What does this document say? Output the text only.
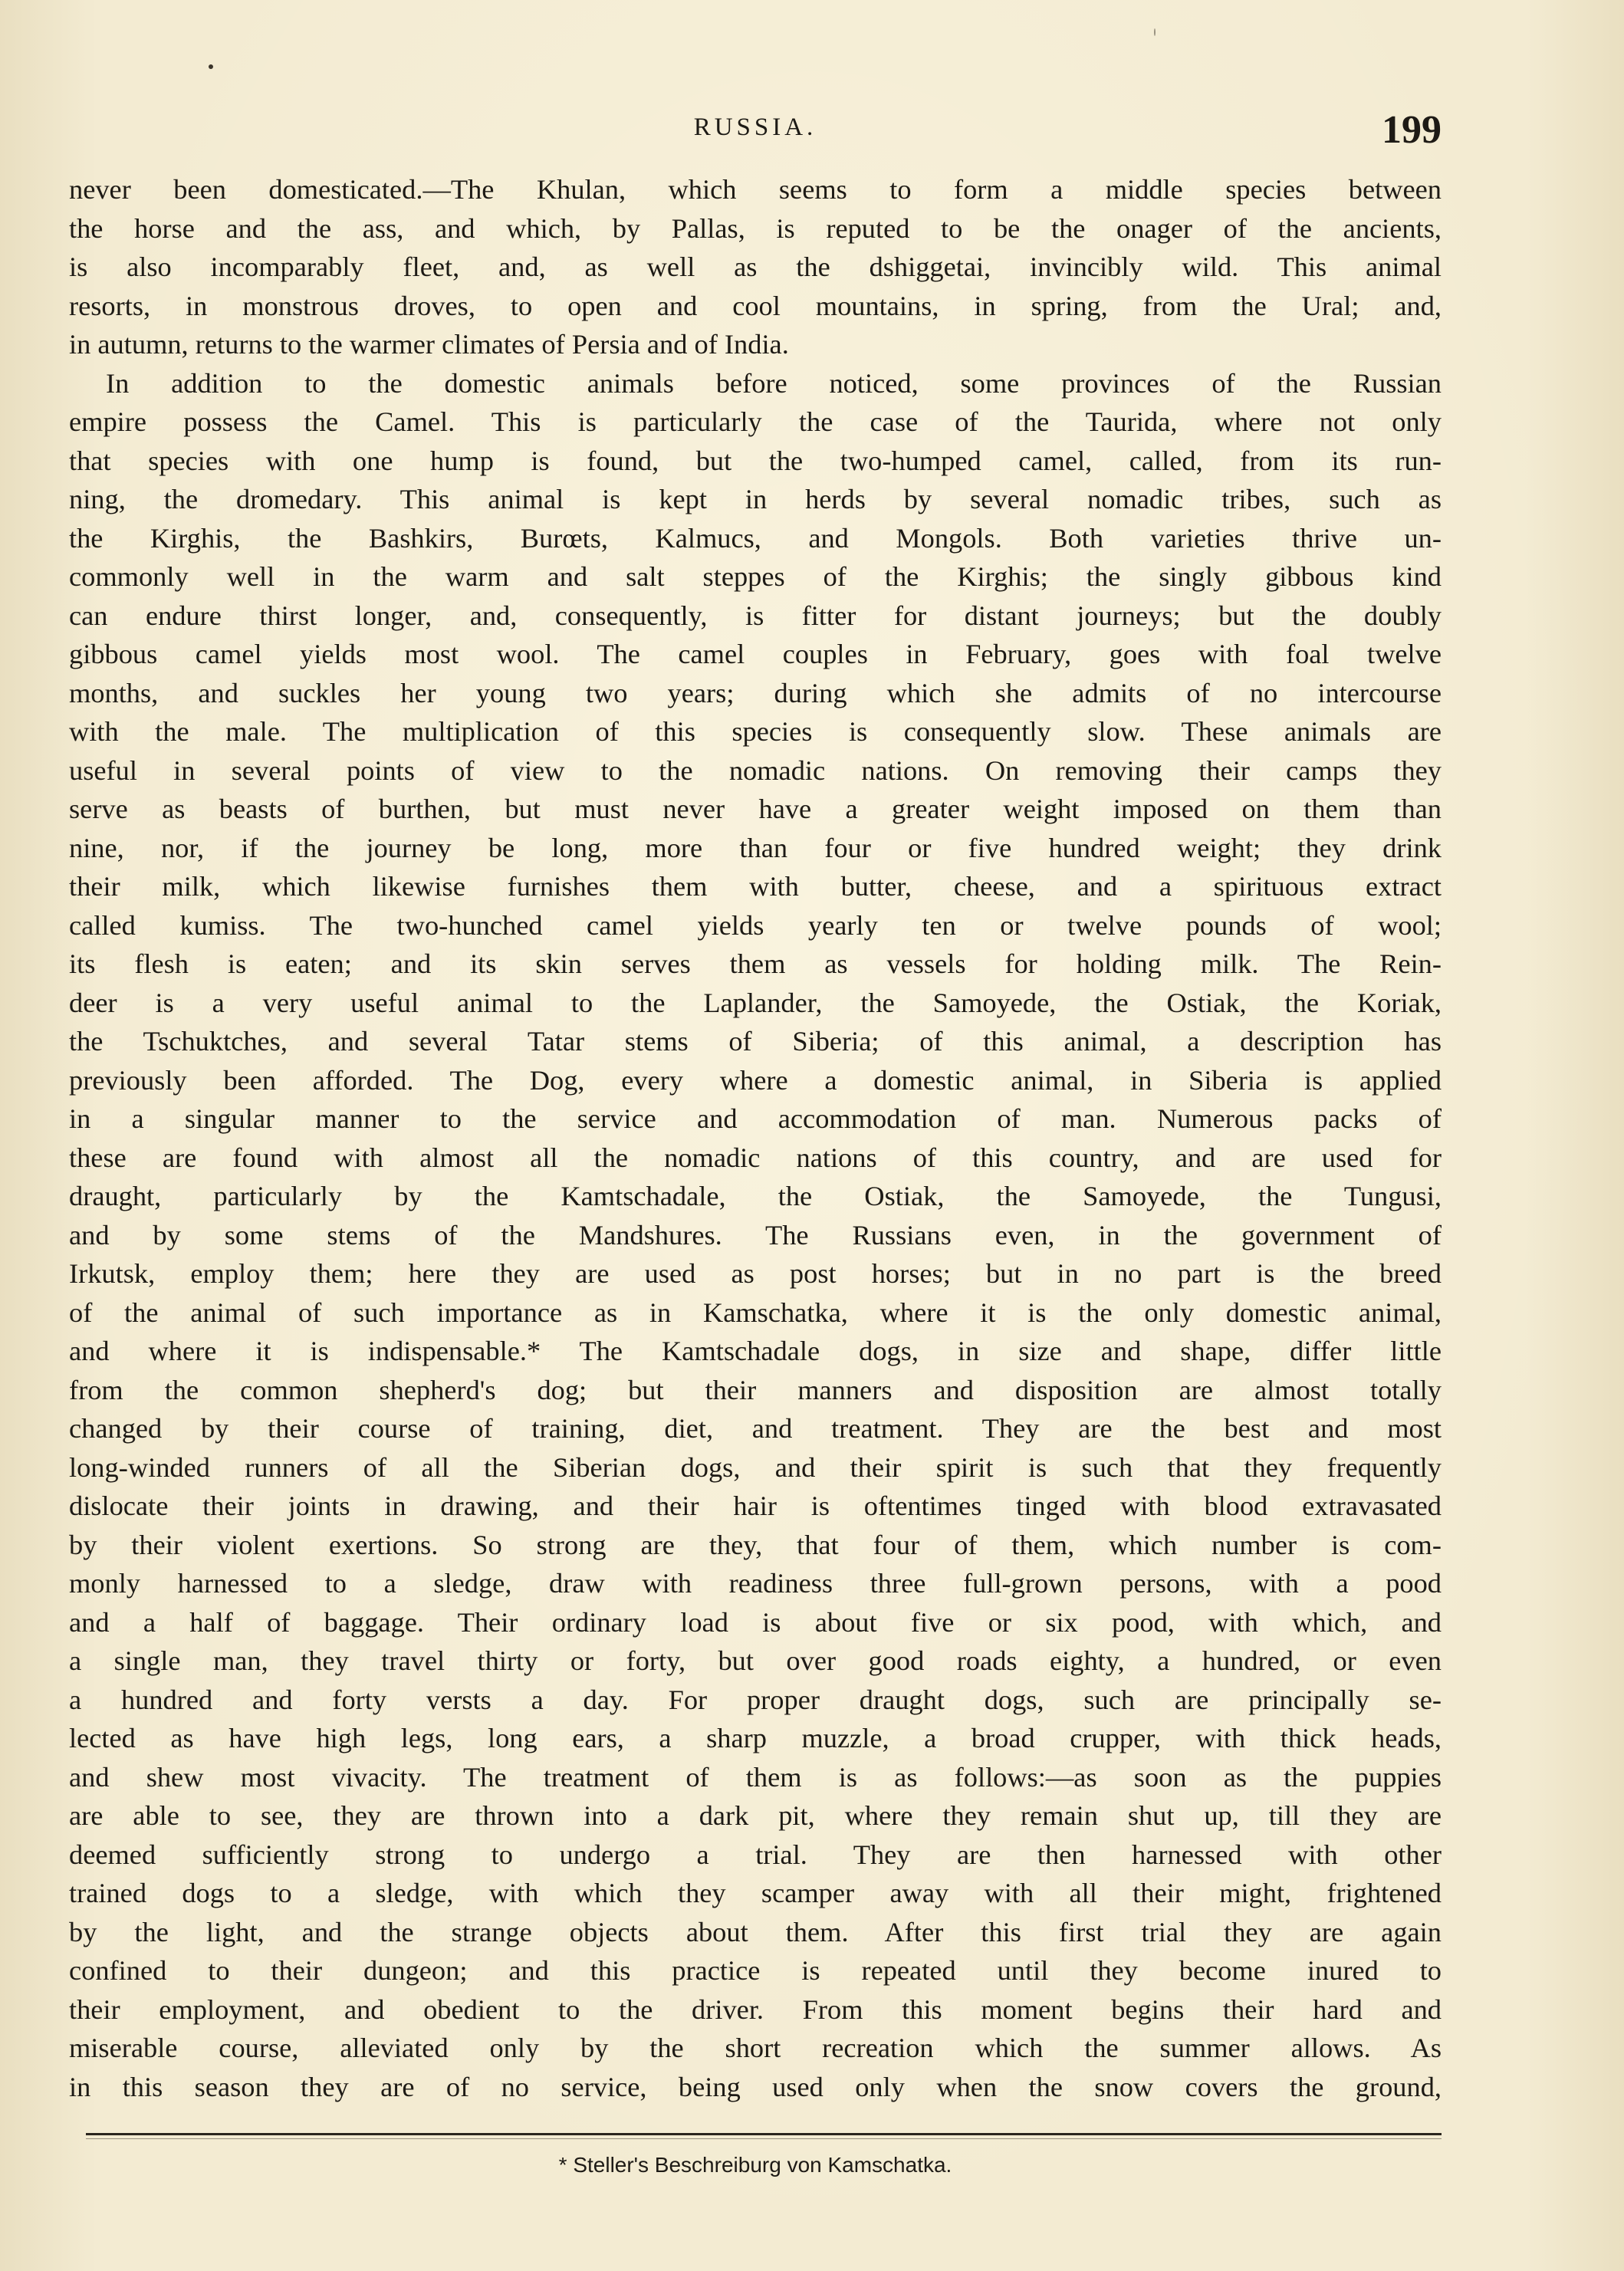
RUSSIA.	199
never been domesticated.—The Khulan, which seems to form a middle species between
the horse and the ass, and which, by Pallas, is reputed to be the onager of the ancients,
is also incomparably fleet, and, as well as the dshiggetai, invincibly wild. This animal
resorts, in monstrous droves, to open and cool mountains, in spring, from the Ural; and,
in autumn, returns to the warmer climates of Persia and of India.
In addition to the domestic animals before noticed, some provinces of the Russian
empire possess the Camel. This is particularly the case of the Taurida, where not only
that species with one hump is found, but the two-humped camel, called, from its run-
ning, the dromedary. This animal is kept in herds by several nomadic tribes, such as
the Kirghis, the Bashkirs, Burœts, Kalmucs, and Mongols. Both varieties thrive un-
commonly well in the warm and salt steppes of the Kirghis; the singly gibbous kind
can endure thirst longer, and, consequently, is fitter for distant journeys; but the doubly
gibbous camel yields most wool. The camel couples in February, goes with foal twelve
months, and suckles her young two years; during which she admits of no intercourse
with the male. The multiplication of this species is consequently slow. These animals are
useful in several points of view to the nomadic nations. On removing their camps they
serve as beasts of burthen, but must never have a greater weight imposed on them than
nine, nor, if the journey be long, more than four or five hundred weight; they drink
their milk, which likewise furnishes them with butter, cheese, and a spirituous extract
called kumiss. The two-hunched camel yields yearly ten or twelve pounds of wool;
its flesh is eaten; and its skin serves them as vessels for holding milk. The Rein-
deer is a very useful animal to the Laplander, the Samoyede, the Ostiak, the Koriak,
the Tschuktches, and several Tatar stems of Siberia; of this animal, a description has
previously been afforded. The Dog, every where a domestic animal, in Siberia is applied
in a singular manner to the service and accommodation of man. Numerous packs of
these are found with almost all the nomadic nations of this country, and are used for
draught, particularly by the Kamtschadale, the Ostiak, the Samoyede, the Tungusi,
and by some stems of the Mandshures. The Russians even, in the government of
Irkutsk, employ them; here they are used as post horses; but in no part is the breed
of the animal of such importance as in Kamschatka, where it is the only domestic animal,
and where it is indispensable.* The Kamtschadale dogs, in size and shape, differ little
from the common shepherd's dog; but their manners and disposition are almost totally
changed by their course of training, diet, and treatment. They are the best and most
long-winded runners of all the Siberian dogs, and their spirit is such that they frequently
dislocate their joints in drawing, and their hair is oftentimes tinged with blood extravasated
by their violent exertions. So strong are they, that four of them, which number is com-
monly harnessed to a sledge, draw with readiness three full-grown persons, with a pood
and a half of baggage. Their ordinary load is about five or six pood, with which, and
a single man, they travel thirty or forty, but over good roads eighty, a hundred, or even
a hundred and forty versts a day. For proper draught dogs, such are principally se-
lected as have high legs, long ears, a sharp muzzle, a broad crupper, with thick heads,
and shew most vivacity. The treatment of them is as follows:—as soon as the puppies
are able to see, they are thrown into a dark pit, where they remain shut up, till they are
deemed sufficiently strong to undergo a trial. They are then harnessed with other
trained dogs to a sledge, with which they scamper away with all their might, frightened
by the light, and the strange objects about them. After this first trial they are again
confined to their dungeon; and this practice is repeated until they become inured to
their employment, and obedient to the driver. From this moment begins their hard and
miserable course, alleviated only by the short recreation which the summer allows. As
in this season they are of no service, being used only when the snow covers the ground,
* Steller's Beschreiburg von Kamschatka.
